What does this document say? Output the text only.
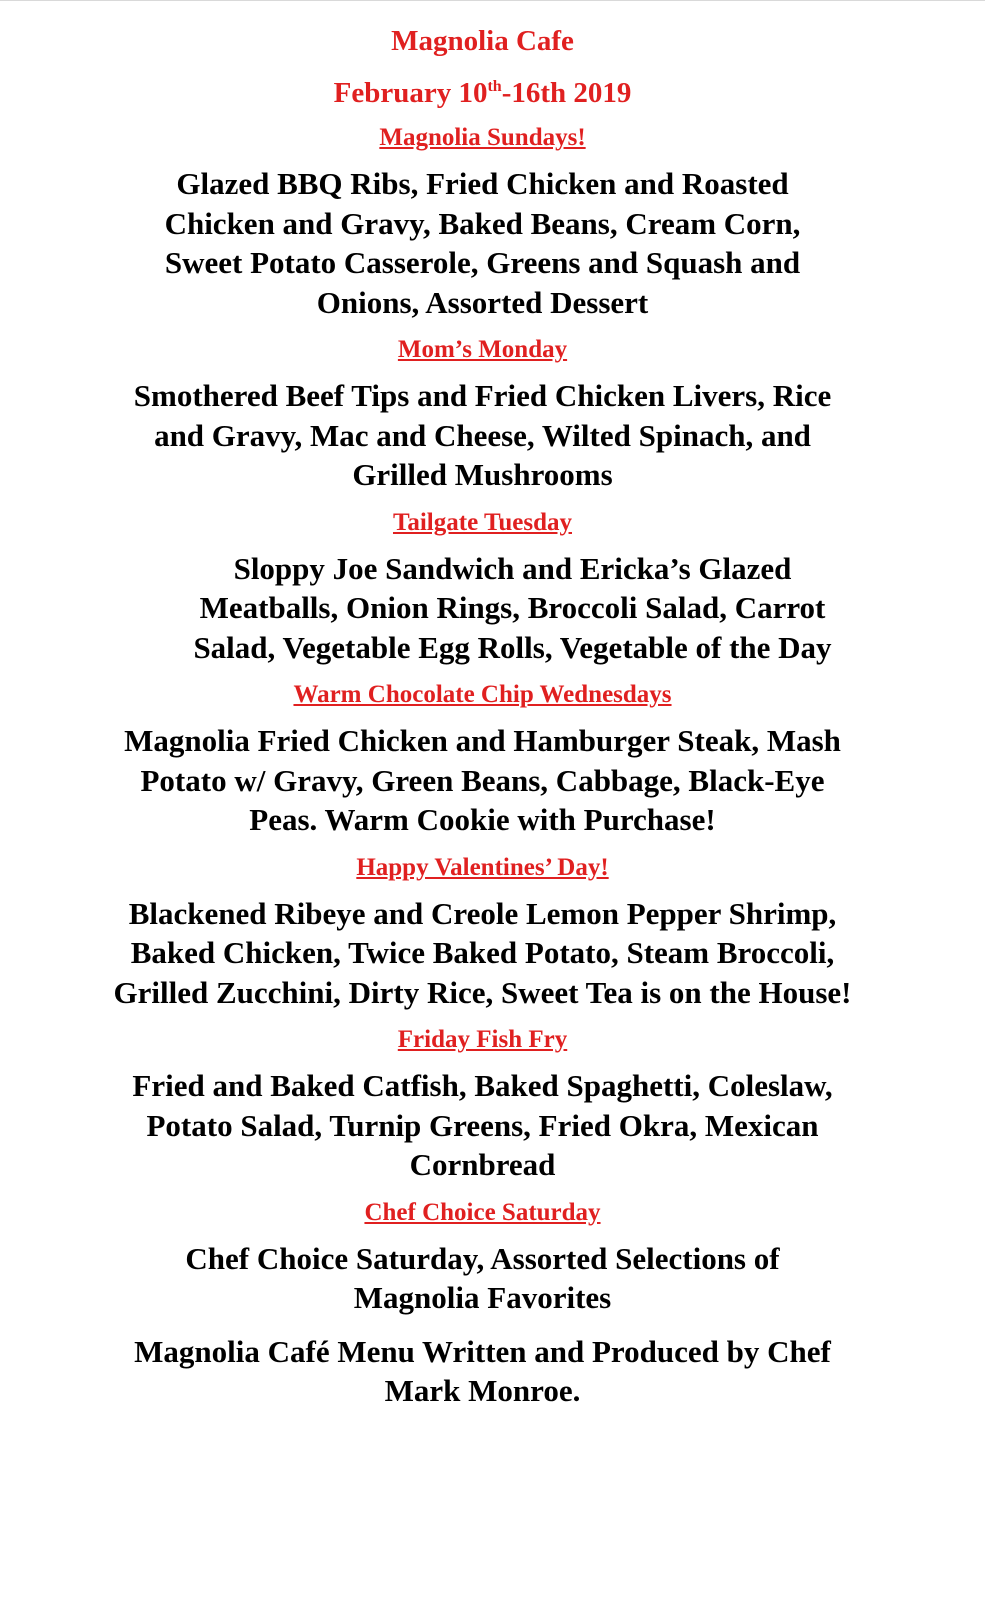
Magnolia Cafe

February 10th-16th 2019

Magnolia Sundays!

Glazed BBQ Ribs, Fried Chicken and Roasted Chicken and Gravy, Baked Beans, Cream Corn, Sweet Potato Casserole, Greens and Squash and Onions, Assorted Dessert

Mom’s Monday

Smothered Beef Tips and Fried Chicken Livers, Rice and Gravy, Mac and Cheese, Wilted Spinach, and Grilled Mushrooms

Tailgate Tuesday

Sloppy Joe Sandwich and Ericka’s Glazed Meatballs, Onion Rings, Broccoli Salad, Carrot Salad, Vegetable Egg Rolls, Vegetable of the Day

Warm Chocolate Chip Wednesdays

Magnolia Fried Chicken and Hamburger Steak, Mash Potato w/ Gravy, Green Beans, Cabbage, Black-Eye Peas. Warm Cookie with Purchase!

Happy Valentines’ Day!

Blackened Ribeye and Creole Lemon Pepper Shrimp, Baked Chicken, Twice Baked Potato, Steam Broccoli, Grilled Zucchini, Dirty Rice, Sweet Tea is on the House!

Friday Fish Fry

Fried and Baked Catfish, Baked Spaghetti, Coleslaw, Potato Salad, Turnip Greens, Fried Okra, Mexican Cornbread

Chef Choice Saturday

Chef Choice Saturday, Assorted Selections of Magnolia Favorites

Magnolia Café Menu Written and Produced by Chef Mark Monroe.
